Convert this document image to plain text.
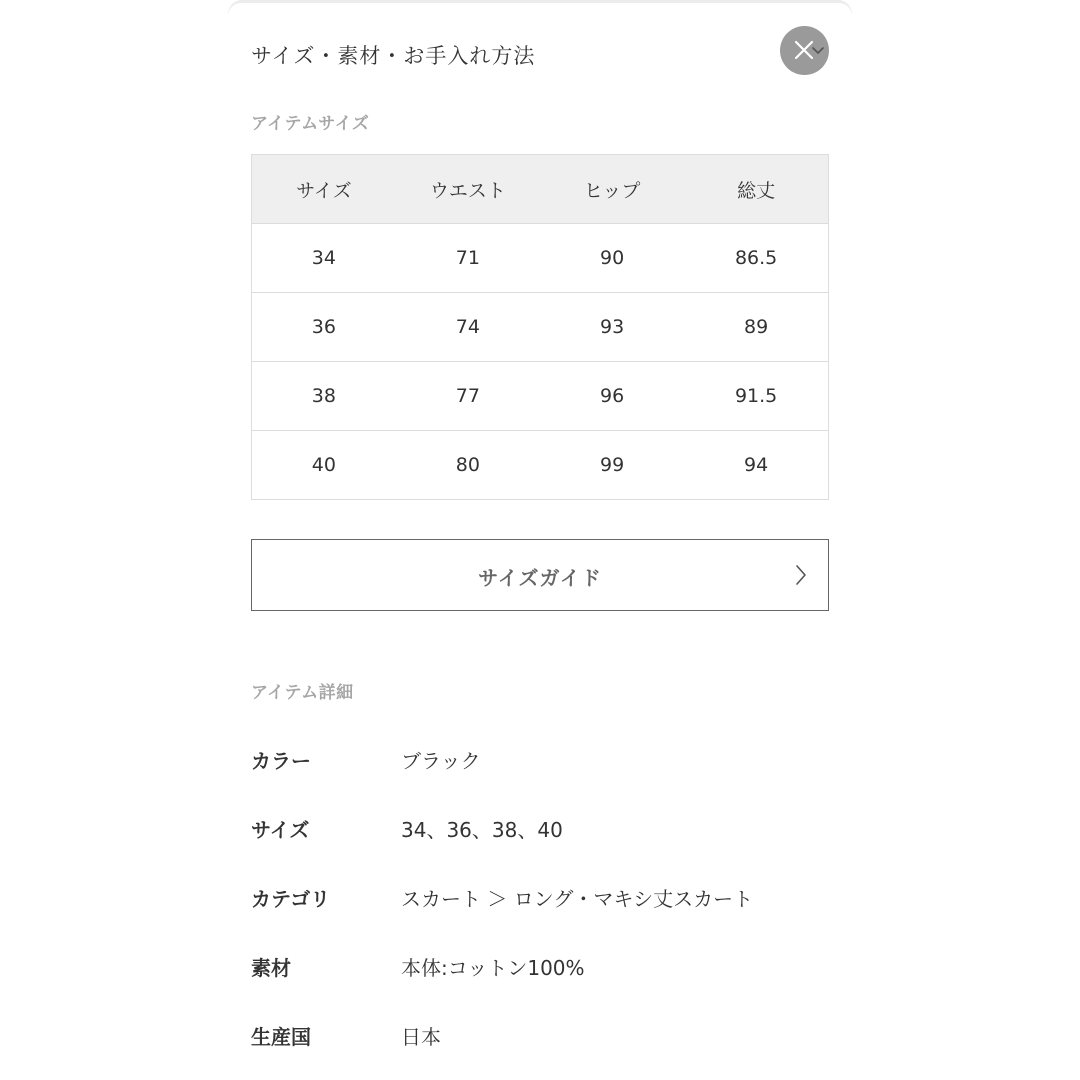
サイズ・素材・お手入れ方法
アイテムサイズ
サイズ	ウエスト	ヒップ	総丈
34	71	90	86.5
36	74	93	89
38	77	96	91.5
40	80	99	94
サイズガイド
アイテム詳細
カラー	ブラック
サイズ	34、36、38、40
カテゴリ	スカート ＞ ロング・マキシ丈スカート
素材	本体:コットン100%
生産国	日本
